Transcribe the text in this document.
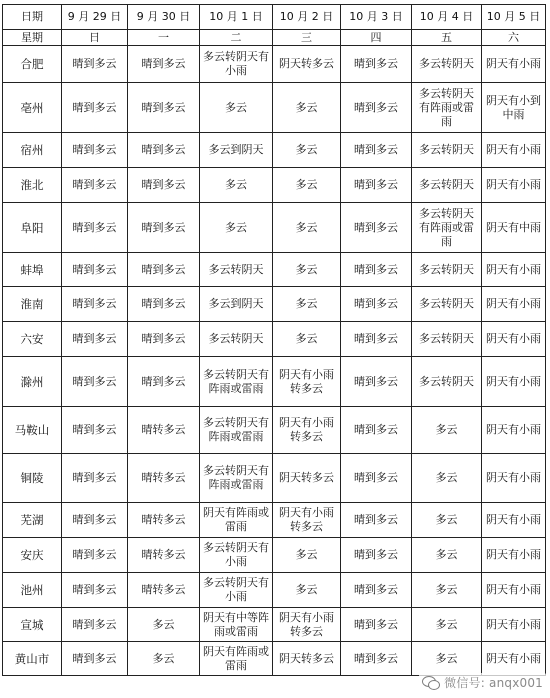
日期	9 月 29 日	9 月 30 日	10 月 1 日	10 月 2 日	10 月 3 日	10 月 4 日	10 月 5 日
星期	日	一	二	三	四	五	六
合肥	晴到多云	晴到多云	多云转阴天有小雨	阴天转多云	晴到多云	多云转阴天	阴天有小雨
亳州	晴到多云	晴到多云	多云	多云	晴到多云	多云转阴天有阵雨或雷雨	阴天有小到中雨
宿州	晴到多云	晴到多云	多云到阴天	多云	晴到多云	多云转阴天	阴天有小雨
淮北	晴到多云	晴到多云	多云	多云	晴到多云	多云转阴天	阴天有小雨
阜阳	晴到多云	晴到多云	多云	多云	晴到多云	多云转阴天有阵雨或雷雨	阴天有中雨
蚌埠	晴到多云	晴到多云	多云转阴天	多云	晴到多云	多云转阴天	阴天有小雨
淮南	晴到多云	晴到多云	多云到阴天	多云	晴到多云	多云转阴天	阴天有小雨
六安	晴到多云	晴到多云	多云转阴天	多云	晴到多云	多云转阴天	阴天有小雨
滁州	晴到多云	晴到多云	多云转阴天有阵雨或雷雨	阴天有小雨转多云	晴到多云	多云转阴天	阴天有小雨
马鞍山	晴到多云	晴转多云	多云转阴天有阵雨或雷雨	阴天有小雨转多云	晴到多云	多云	阴天有小雨
铜陵	晴到多云	晴转多云	多云转阴天有阵雨或雷雨	阴天转多云	晴到多云	多云	阴天有小雨
芜湖	晴到多云	晴转多云	阴天有阵雨或雷雨	阴天有小雨转多云	晴到多云	多云	阴天有小雨
安庆	晴到多云	晴转多云	多云转阴天有小雨	多云	晴到多云	多云	阴天有小雨
池州	晴到多云	晴转多云	多云转阴天有小雨	多云	晴到多云	多云	阴天有小雨
宣城	晴到多云	多云	阴天有中等阵雨或雷雨	阴天有小雨转多云	晴到多云	多云	阴天有小雨
黄山市	晴到多云	多云	阴天有阵雨或雷雨	阴天转多云	晴到多云	多云	阴天有小雨
微信号: anqx001
